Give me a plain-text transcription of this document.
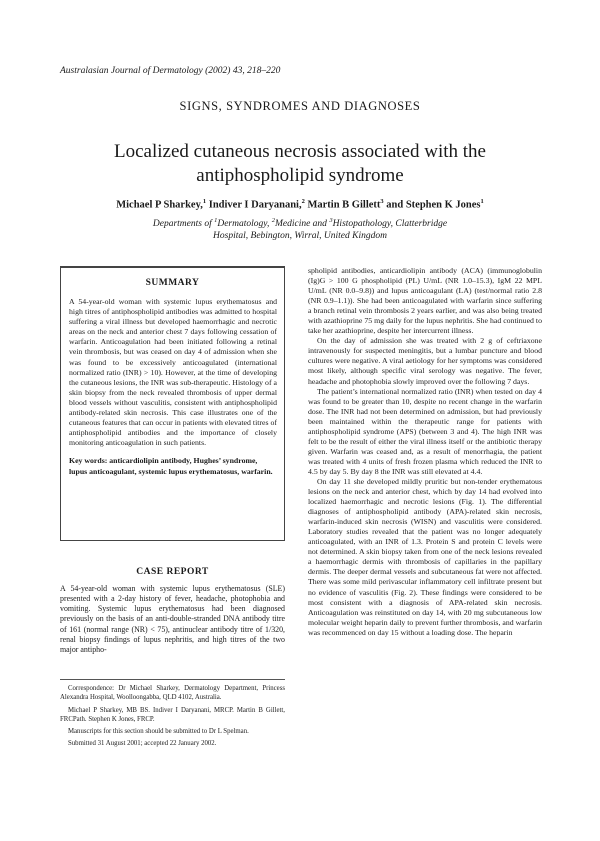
Australasian Journal of Dermatology (2002) 43, 218–220
SIGNS, SYNDROMES AND DIAGNOSES
Localized cutaneous necrosis associated with the
antiphospholipid syndrome
Michael P Sharkey,$^1$ Indiver I Daryanani,$^2$ Martin B Gillett$^3$ and Stephen K Jones$^1$
Departments of $^1$Dermatology, $^2$Medicine and $^3$Histopathology, Clatterbridge
Hospital, Bebington, Wirral, United Kingdom
SUMMARY

A 54-year-old woman with systemic lupus erythematosus and high titres of antiphospholipid antibodies was admitted to hospital suffering a viral illness but developed haemorrhagic and necrotic areas on the neck and anterior chest 7 days following cessation of warfarin. Anticoagulation had been initiated following a retinal vein thrombosis, but was ceased on day 4 of admission when she was found to be excessively anticoagulated (international normalized ratio (INR) > 10). However, at the time of developing the cutaneous lesions, the INR was sub-therapeutic. Histology of a skin biopsy from the neck revealed thrombosis of upper dermal blood vessels without vasculitis, consistent with antiphospholipid antibody-related skin necrosis. This case illustrates one of the cutaneous features that can occur in patients with elevated titres of antiphospholipid antibodies and the importance of closely monitoring anticoagulation in such patients.

Key words: anticardiolipin antibody, Hughes’ syndrome, lupus anticoagulant, systemic lupus erythematosus, warfarin.

CASE REPORT

A 54-year-old woman with systemic lupus erythematosus (SLE) presented with a 2-day history of fever, headache, photophobia and vomiting. Systemic lupus erythematosus had been diagnosed previously on the basis of an anti-double-stranded DNA antibody titre of 161 (normal range (NR) < 75), antinuclear antibody titre of 1/320, renal biopsy findings of lupus nephritis, and high titres of the two major antipho-

Correspondence: Dr Michael Sharkey, Dermatology Department, Princess Alexandra Hospital, Woolloongabba, QLD 4102, Australia.

Michael P Sharkey, MB BS. Indiver I Daryanani, MRCP. Martin B Gillett, FRCPath. Stephen K Jones, FRCP.

Manuscripts for this section should be submitted to Dr L Spelman.

Submitted 31 August 2001; accepted 22 January 2002.

spholipid antibodies, anticardiolipin antibody (ACA) (immunoglobulin (Ig)G > 100 G phospholipid (PL) U/mL (NR 1.0–15.3), IgM 22 MPL U/mL (NR 0.0–9.8)) and lupus anticoagulant (LA) (test/normal ratio 2.8 (NR 0.9–1.1)). She had been anticoagulated with warfarin since suffering a branch retinal vein thrombosis 2 years earlier, and was also being treated with azathioprine 75 mg daily for the lupus nephritis. She had continued to take her azathioprine, despite her intercurrent illness.

On the day of admission she was treated with 2 g of ceftriaxone intravenously for suspected meningitis, but a lumbar puncture and blood cultures were negative. A viral aetiology for her symptoms was considered most likely, although specific viral serology was negative. The fever, headache and photophobia slowly improved over the following 7 days.

The patient’s international normalized ratio (INR) when tested on day 4 was found to be greater than 10, despite no recent change in the warfarin dose. The INR had not been determined on admission, but had previously been maintained within the therapeutic range for patients with antiphospholipid syndrome (APS) (between 3 and 4). The high INR was felt to be the result of either the viral illness itself or the antibiotic therapy given. Warfarin was ceased and, as a result of menorrhagia, the patient was treated with 4 units of fresh frozen plasma which reduced the INR to 4.5 by day 5. By day 8 the INR was still elevated at 4.4.

On day 11 she developed mildly pruritic but non-tender erythematous lesions on the neck and anterior chest, which by day 14 had evolved into localized haemorrhagic and necrotic lesions (Fig. 1). The differential diagnoses of antiphospholipid antibody (APA)-related skin necrosis, warfarin-induced skin necrosis (WISN) and vasculitis were considered. Laboratory studies revealed that the patient was no longer adequately anticoagulated, with an INR of 1.3. Protein S and protein C levels were not determined. A skin biopsy taken from one of the neck lesions revealed a haemorrhagic dermis with thrombosis of capillaries in the papillary dermis. The deeper dermal vessels and subcutaneous fat were not affected. There was some mild perivascular inflammatory cell infiltrate present but no evidence of vasculitis (Fig. 2). These findings were considered to be most consistent with a diagnosis of APA-related skin necrosis. Anticoagulation was reinstituted on day 14, with 20 mg subcutaneous low molecular weight heparin daily to prevent further thrombosis, and warfarin was recommenced on day 15 without a loading dose. The heparin
